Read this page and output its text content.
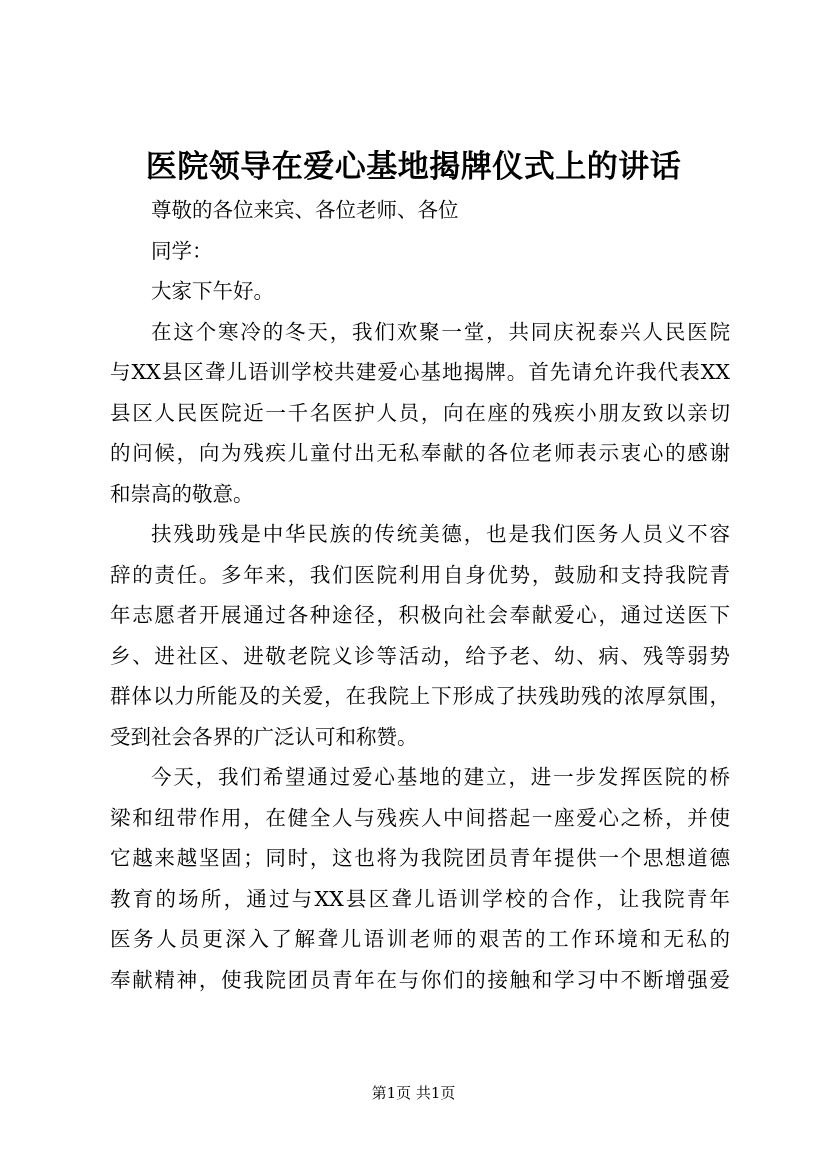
医院领导在爱心基地揭牌仪式上的讲话
尊敬的各位来宾、各位老师、各位
同学：
大家下午好。
在这个寒冷的冬天，我们欢聚一堂，共同庆祝泰兴人民医院
与XX县区聋儿语训学校共建爱心基地揭牌。首先请允许我代表XX
县区人民医院近一千名医护人员，向在座的残疾小朋友致以亲切
的问候，向为残疾儿童付出无私奉献的各位老师表示衷心的感谢
和崇高的敬意。
扶残助残是中华民族的传统美德，也是我们医务人员义不容
辞的责任。多年来，我们医院利用自身优势，鼓励和支持我院青
年志愿者开展通过各种途径，积极向社会奉献爱心，通过送医下
乡、进社区、进敬老院义诊等活动，给予老、幼、病、残等弱势
群体以力所能及的关爱，在我院上下形成了扶残助残的浓厚氛围，
受到社会各界的广泛认可和称赞。
今天，我们希望通过爱心基地的建立，进一步发挥医院的桥
梁和纽带作用，在健全人与残疾人中间搭起一座爱心之桥，并使
它越来越坚固；同时，这也将为我院团员青年提供一个思想道德
教育的场所，通过与XX县区聋儿语训学校的合作，让我院青年
医务人员更深入了解聋儿语训老师的艰苦的工作环境和无私的
奉献精神，使我院团员青年在与你们的接触和学习中不断增强爱
第1页 共1页
